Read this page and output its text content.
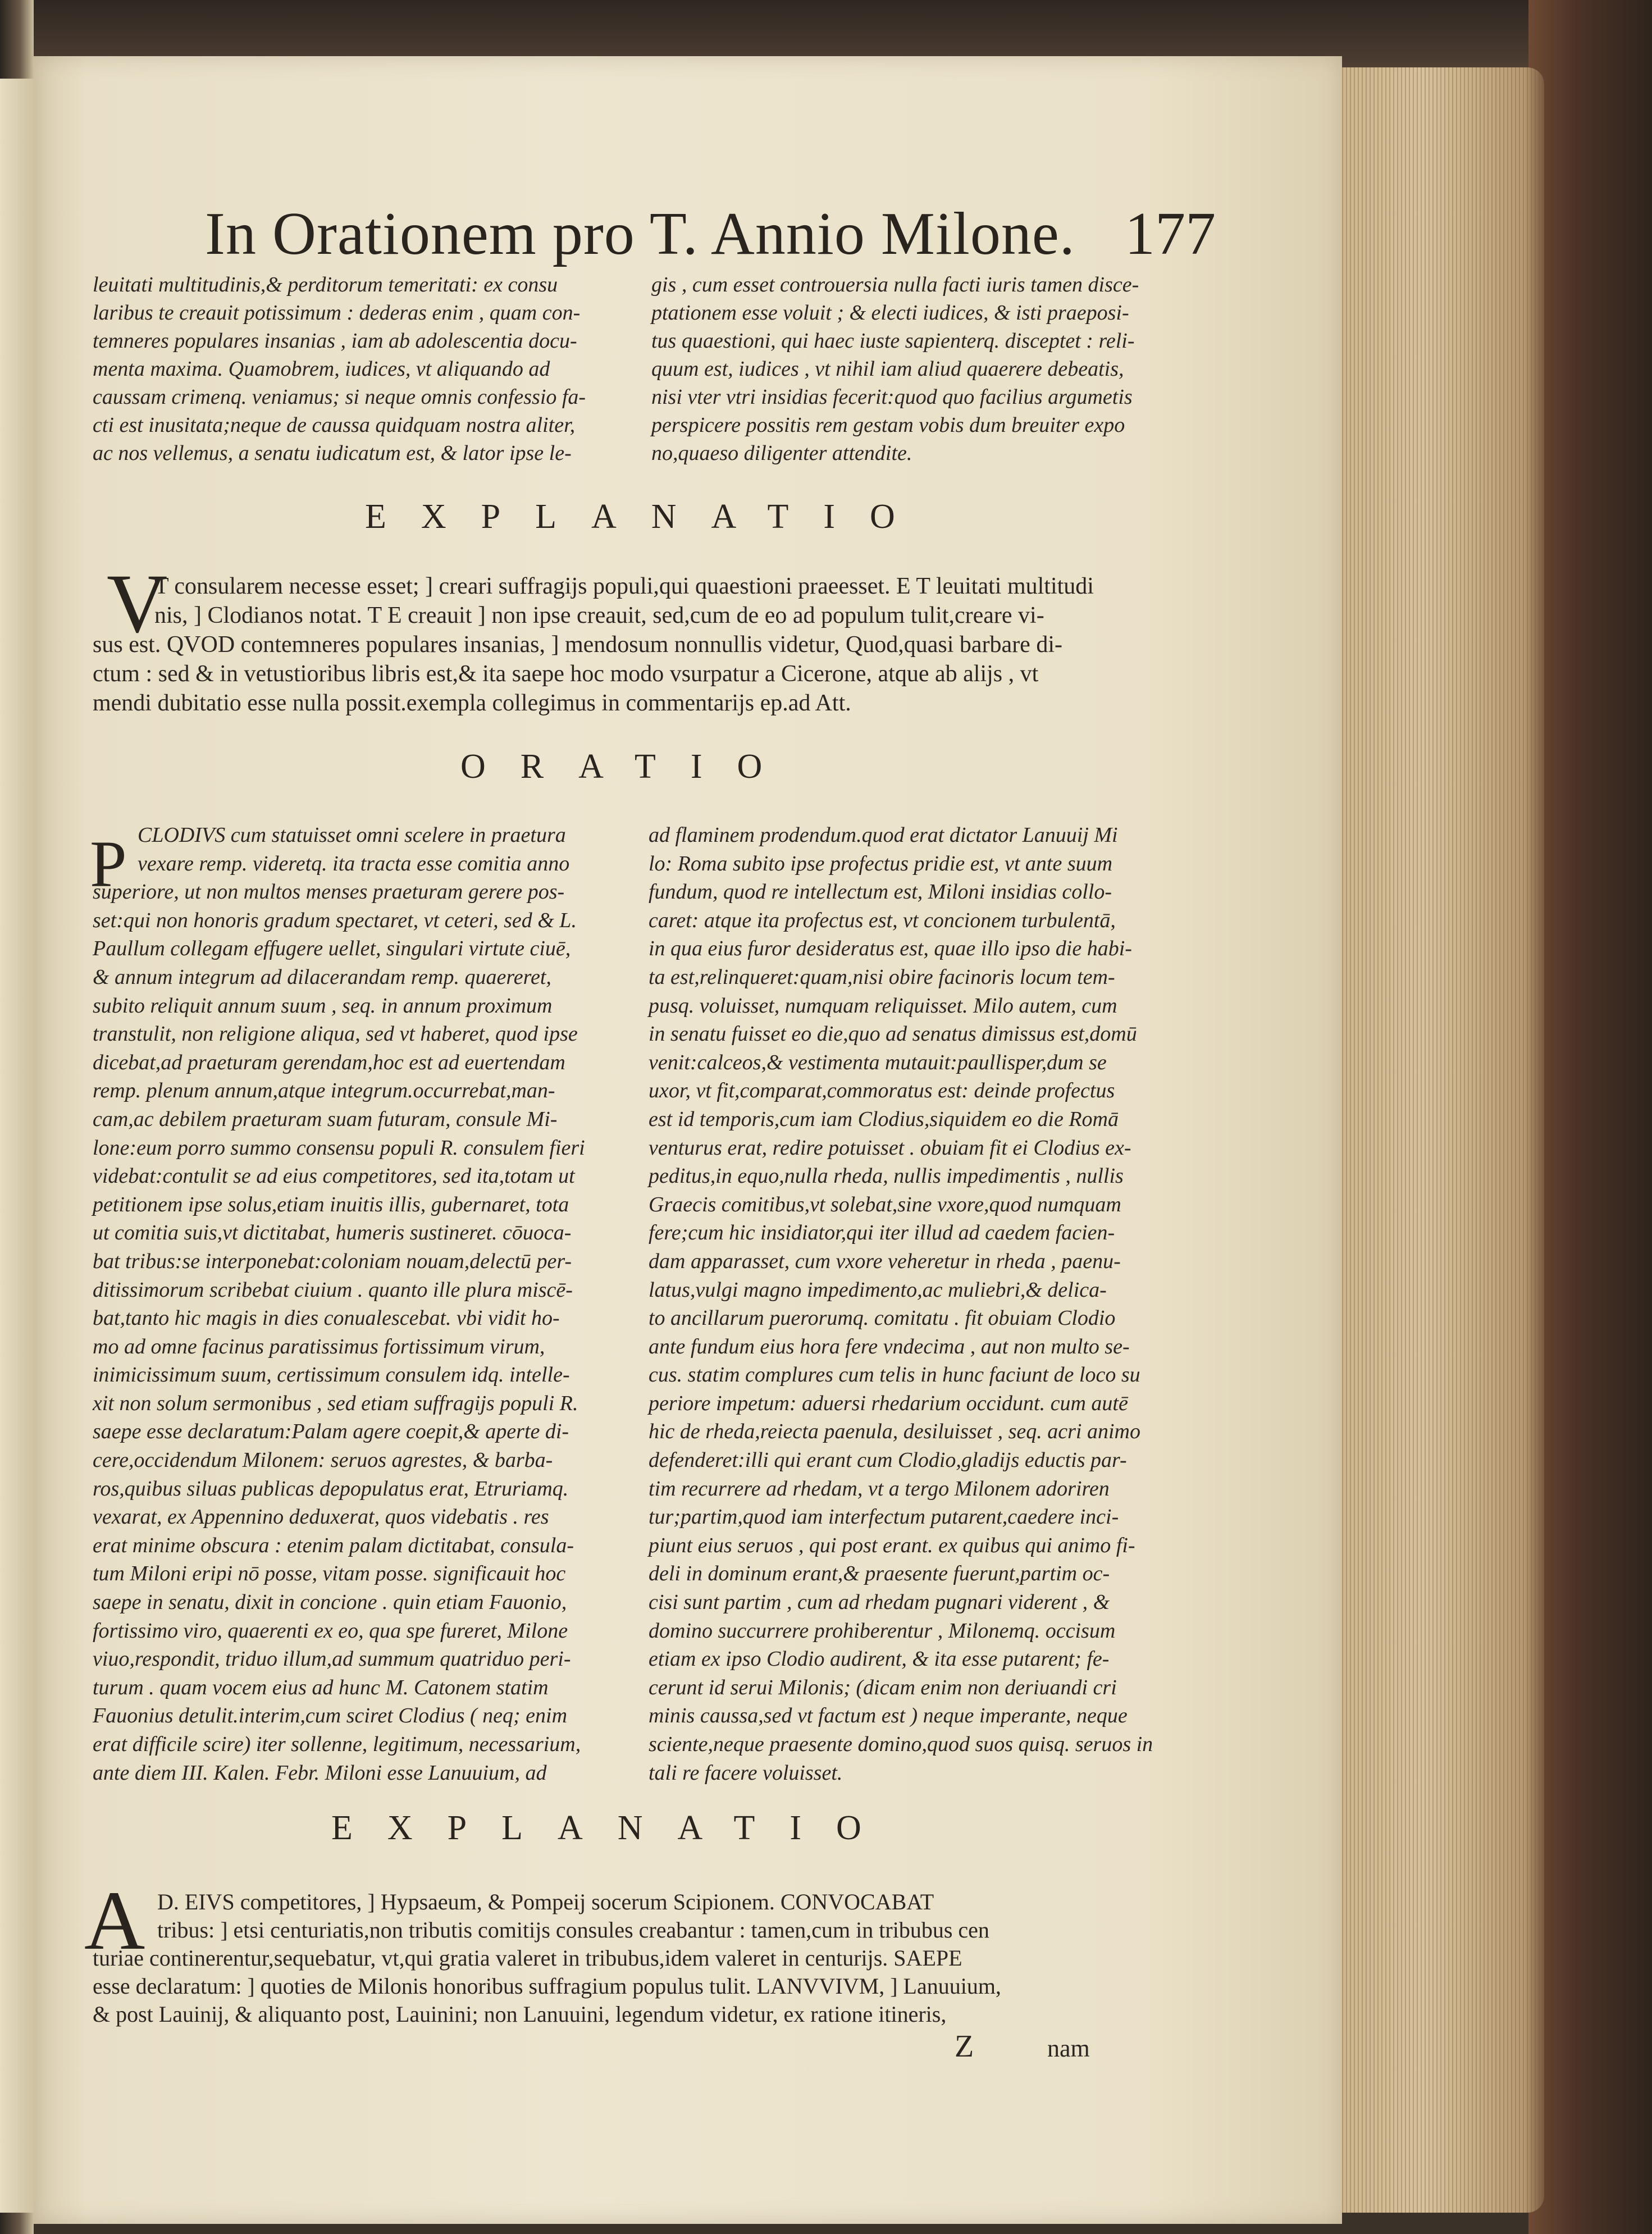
In Orationem pro T. Annio Milone. 177
leuitati multitudinis,& perditorum temeritati: ex consu
laribus te creauit potissimum : dederas enim , quam con-
temneres populares insanias , iam ab adolescentia docu-
menta maxima. Quamobrem, iudices, vt aliquando ad
caussam crimenq. veniamus; si neque omnis confessio fa-
cti est inusitata;neque de caussa quidquam nostra aliter,
ac nos vellemus, a senatu iudicatum est, & lator ipse le-
gis , cum esset controuersia nulla facti iuris tamen disce-
ptationem esse voluit ; & electi iudices, & isti praeposi-
tus quaestioni, qui haec iuste sapienterq. disceptet : reli-
quum est, iudices , vt nihil iam aliud quaerere debeatis,
nisi vter vtri insidias fecerit:quod quo facilius argumetis
perspicere possitis rem gestam vobis dum breuiter expo
no,quaeso diligenter attendite.
EXPLANATIO
V
T consularem necesse esset; ] creari suffragijs populi,qui quaestioni praeesset. E T leuitati multitudi
nis, ] Clodianos notat. T E creauit ] non ipse creauit, sed,cum de eo ad populum tulit,creare vi-
sus est. QVOD contemneres populares insanias, ] mendosum nonnullis videtur, Quod,quasi barbare di-
ctum : sed & in vetustioribus libris est,& ita saepe hoc modo vsurpatur a Cicerone, atque ab alijs , vt
mendi dubitatio esse nulla possit.exempla collegimus in commentarijs ep.ad Att.
ORATIO
P CLODIVS cum statuisset omni scelere in praetura
vexare remp. videretq. ita tracta esse comitia anno
superiore, ut non multos menses praeturam gerere pos-
set:qui non honoris gradum spectaret, vt ceteri, sed & L.
Paullum collegam effugere uellet, singulari virtute ciuē,
& annum integrum ad dilacerandam remp. quaereret,
subito reliquit annum suum , seq. in annum proximum
transtulit, non religione aliqua, sed vt haberet, quod ipse
dicebat,ad praeturam gerendam,hoc est ad euertendam
remp. plenum annum,atque integrum.occurrebat,man-
cam,ac debilem praeturam suam futuram, consule Mi-
lone:eum porro summo consensu populi R. consulem fieri
videbat:contulit se ad eius competitores, sed ita,totam ut
petitionem ipse solus,etiam inuitis illis, gubernaret, tota
ut comitia suis,vt dictitabat, humeris sustineret. cōuoca-
bat tribus:se interponebat:coloniam nouam,delectū per-
ditissimorum scribebat ciuium . quanto ille plura miscē-
bat,tanto hic magis in dies conualescebat. vbi vidit ho-
mo ad omne facinus paratissimus fortissimum virum,
inimicissimum suum, certissimum consulem idq. intelle-
xit non solum sermonibus , sed etiam suffragijs populi R.
saepe esse declaratum:Palam agere coepit,& aperte di-
cere,occidendum Milonem: seruos agrestes, & barba-
ros,quibus siluas publicas depopulatus erat, Etruriamq.
vexarat, ex Appennino deduxerat, quos videbatis . res
erat minime obscura : etenim palam dictitabat, consula-
tum Miloni eripi nō posse, vitam posse. significauit hoc
saepe in senatu, dixit in concione . quin etiam Fauonio,
fortissimo viro, quaerenti ex eo, qua spe fureret, Milone
viuo,respondit, triduo illum,ad summum quatriduo peri-
turum . quam vocem eius ad hunc M. Catonem statim
Fauonius detulit.interim,cum sciret Clodius ( neq; enim
erat difficile scire) iter sollenne, legitimum, necessarium,
ante diem III. Kalen. Febr. Miloni esse Lanuuium, ad
ad flaminem prodendum.quod erat dictator Lanuuij Mi
lo: Roma subito ipse profectus pridie est, vt ante suum
fundum, quod re intellectum est, Miloni insidias collo-
caret: atque ita profectus est, vt concionem turbulentā,
in qua eius furor desideratus est, quae illo ipso die habi-
ta est,relinqueret:quam,nisi obire facinoris locum tem-
pusq. voluisset, numquam reliquisset. Milo autem, cum
in senatu fuisset eo die,quo ad senatus dimissus est,domū
venit:calceos,& vestimenta mutauit:paullisper,dum se
uxor, vt fit,comparat,commoratus est: deinde profectus
est id temporis,cum iam Clodius,siquidem eo die Romā
venturus erat, redire potuisset . obuiam fit ei Clodius ex-
peditus,in equo,nulla rheda, nullis impedimentis , nullis
Graecis comitibus,vt solebat,sine vxore,quod numquam
fere;cum hic insidiator,qui iter illud ad caedem facien-
dam apparasset, cum vxore veheretur in rheda , paenu-
latus,vulgi magno impedimento,ac muliebri,& delica-
to ancillarum puerorumq. comitatu . fit obuiam Clodio
ante fundum eius hora fere vndecima , aut non multo se-
cus. statim complures cum telis in hunc faciunt de loco su
periore impetum: aduersi rhedarium occidunt. cum autē
hic de rheda,reiecta paenula, desiluisset , seq. acri animo
defenderet:illi qui erant cum Clodio,gladijs eductis par-
tim recurrere ad rhedam, vt a tergo Milonem adoriren
tur;partim,quod iam interfectum putarent,caedere inci-
piunt eius seruos , qui post erant. ex quibus qui animo fi-
deli in dominum erant,& praesente fuerunt,partim oc-
cisi sunt partim , cum ad rhedam pugnari viderent , &
domino succurrere prohiberentur , Milonemq. occisum
etiam ex ipso Clodio audirent, & ita esse putarent; fe-
cerunt id serui Milonis; (dicam enim non deriuandi cri
minis caussa,sed vt factum est ) neque imperante, neque
sciente,neque praesente domino,quod suos quisq. seruos in
tali re facere voluisset.
EXPLANATIO
A D. EIVS competitores, ] Hypsaeum, & Pompeij socerum Scipionem. CONVOCABAT
tribus: ] etsi centuriatis,non tributis comitijs consules creabantur : tamen,cum in tribubus cen
turiae continerentur,sequebatur, vt,qui gratia valeret in tribubus,idem valeret in centurijs. SAEPE
esse declaratum: ] quoties de Milonis honoribus suffragium populus tulit. LANVVIVM, ] Lanuuium,
& post Lauinij, & aliquanto post, Lauinini; non Lanuuini, legendum videtur, ex ratione itineris,
Z	nam
